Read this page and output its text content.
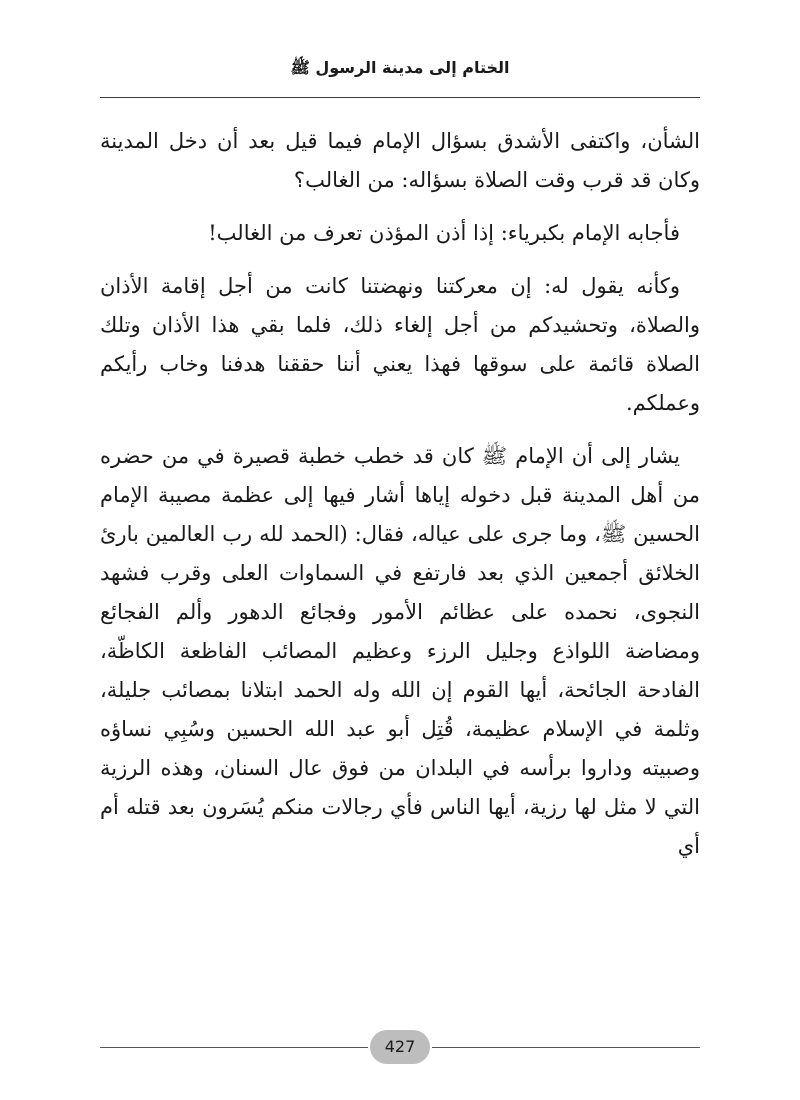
الختام إلى مدينة الرسول ﷺ

الشأن، واكتفى الأشدق بسؤال الإمام فيما قيل بعد أن دخل المدينة وكان قد قرب وقت الصلاة بسؤاله: من الغالب؟

فأجابه الإمام بكبرياء: إذا أذن المؤذن تعرف من الغالب!

وكأنه يقول له: إن معركتنا ونهضتنا كانت من أجل إقامة الأذان والصلاة، وتحشيدكم من أجل إلغاء ذلك، فلما بقي هذا الأذان وتلك الصلاة قائمة على سوقها فهذا يعني أننا حققنا هدفنا وخاب رأيكم وعملكم.

يشار إلى أن الإمام ﷺ كان قد خطب خطبة قصيرة في من حضره من أهل المدينة قبل دخوله إياها أشار فيها إلى عظمة مصيبة الإمام الحسين ﷺ، وما جرى على عياله، فقال: (الحمد لله رب العالمين بارئ الخلائق أجمعين الذي بعد فارتفع في السماوات العلى وقرب فشهد النجوى، نحمده على عظائم الأمور وفجائع الدهور وألم الفجائع ومضاضة اللواذع وجليل الرزء وعظيم المصائب الفاظعة الكاظّة، الفادحة الجائحة، أيها القوم إن الله وله الحمد ابتلانا بمصائب جليلة، وثلمة في الإسلام عظيمة، قُتِل أبو عبد الله الحسين وسُبِي نساؤه وصبيته وداروا برأسه في البلدان من فوق عال السنان، وهذه الرزية التي لا مثل لها رزية، أيها الناس فأي رجالات منكم يُسَرون بعد قتله أم أي

427
